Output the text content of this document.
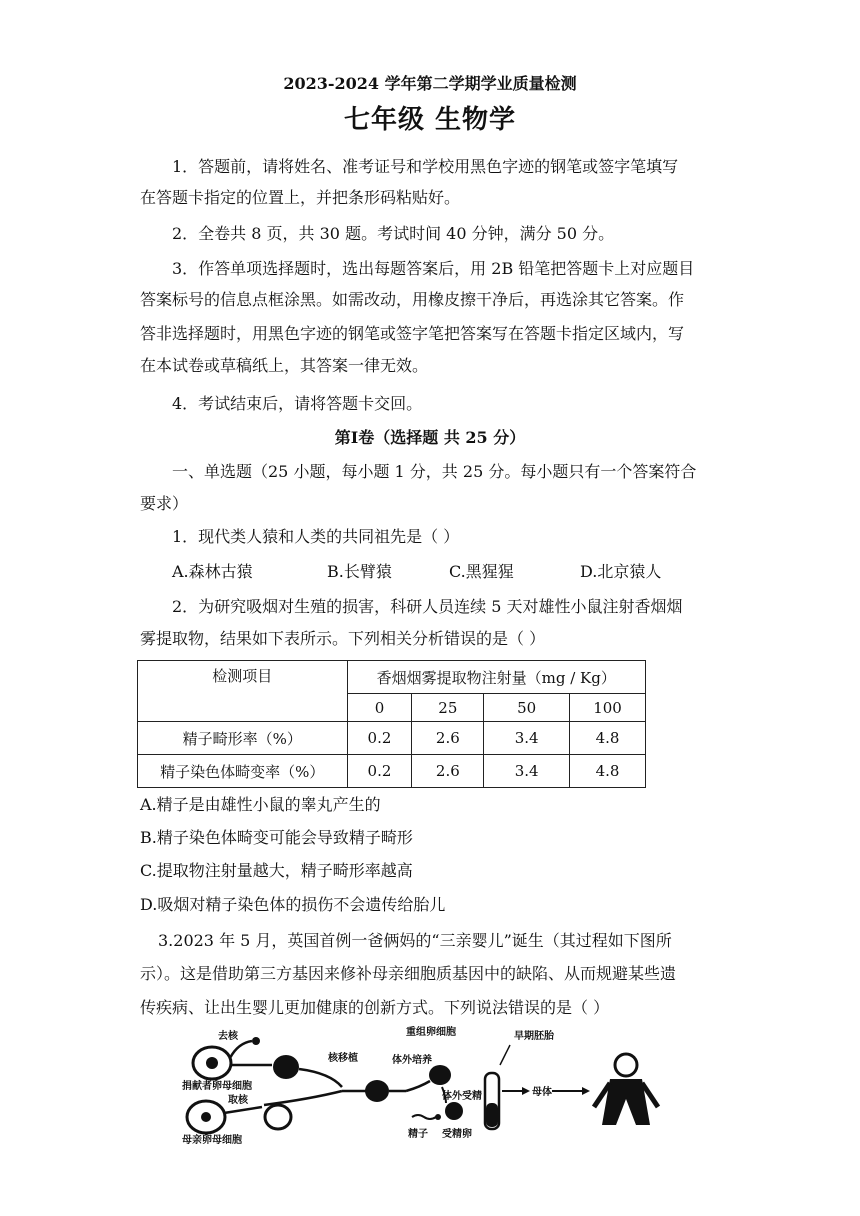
2023-2024 学年第二学期学业质量检测
七年级 生物学
1．答题前，请将姓名、准考证号和学校用黑色字迹的钢笔或签字笔填写
在答题卡指定的位置上，并把条形码粘贴好。
2．全卷共 8 页，共 30 题。考试时间 40 分钟，满分 50 分。
3．作答单项选择题时，选出每题答案后，用 2B 铅笔把答题卡上对应题目
答案标号的信息点框涂黑。如需改动，用橡皮擦干净后，再选涂其它答案。作
答非选择题时，用黑色字迹的钢笔或签字笔把答案写在答题卡指定区域内，写
在本试卷或草稿纸上，其答案一律无效。
4．考试结束后，请将答题卡交回。
第Ⅰ卷（选择题 共 25 分）
一、单选题（25 小题，每小题 1 分，共 25 分。每小题只有一个答案符合
要求）
1．现代类人猿和人类的共同祖先是（ ）
A.森林古猿	B.长臂猿	C.黑猩猩	D.北京猿人
2．为研究吸烟对生殖的损害，科研人员连续 5 天对雄性小鼠注射香烟烟
雾提取物，结果如下表所示。下列相关分析错误的是（ ）
检测项目	香烟烟雾提取物注射量（mg / Kg）			
	0	25	50	100
精子畸形率（%）	0.2	2.6	3.4	4.8
精子染色体畸变率（%）	0.2	2.6	3.4	4.8
A.精子是由雄性小鼠的睾丸产生的
B.精子染色体畸变可能会导致精子畸形
C.提取物注射量越大，精子畸形率越高
D.吸烟对精子染色体的损伤不会遗传给胎儿
3.2023 年 5 月，英国首例一爸俩妈的“三亲婴儿”诞生（其过程如下图所
示）。这是借助第三方基因来修补母亲细胞质基因中的缺陷、从而规避某些遗
传疾病、让出生婴儿更加健康的创新方式。下列说法错误的是（ ）
去核
捐献者卵母细胞
取核
母亲卵母细胞
核移植	体外培养
重组卵细胞
体外受精
精子 受精卵
早期胚胎
母体
